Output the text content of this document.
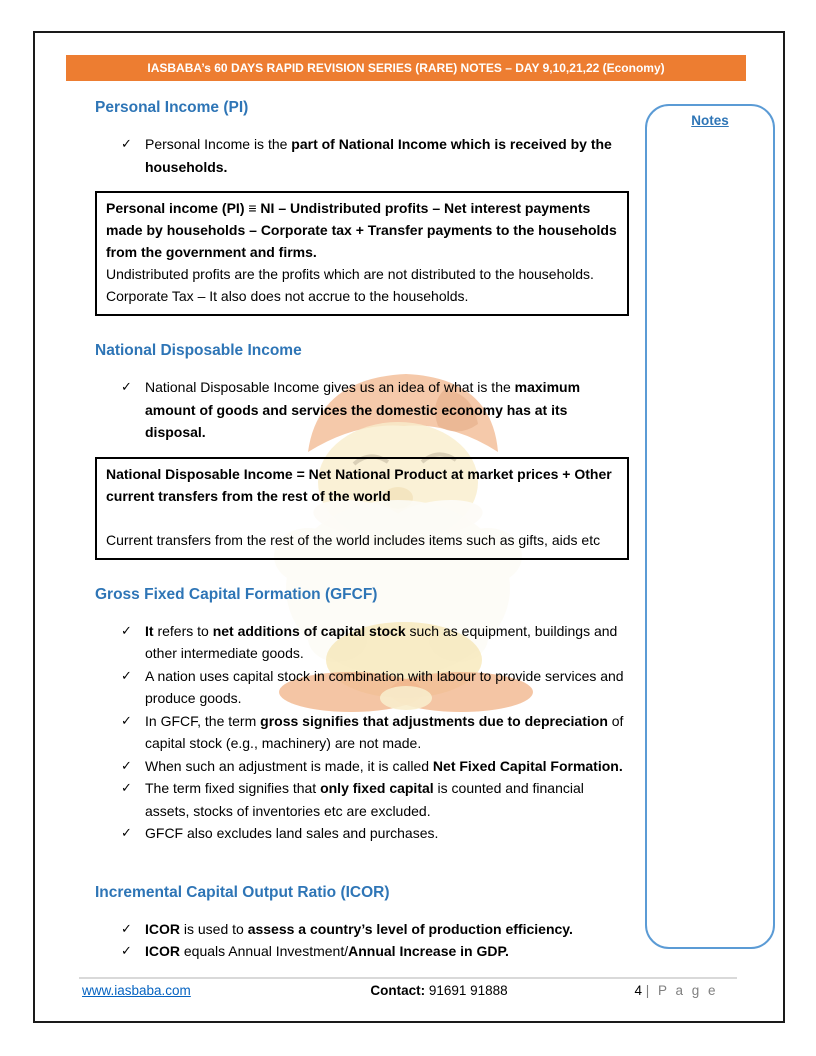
IASBABA’s 60 DAYS RAPID REVISION SERIES (RARE) NOTES – DAY 9,10,21,22 (Economy)
Personal Income (PI)
✓ Personal Income is the part of National Income which is received by the households.

Personal income (PI) ≡ NI – Undistributed profits – Net interest payments made by households – Corporate tax + Transfer payments to the households from the government and firms.

Undistributed profits are the profits which are not distributed to the households. Corporate Tax – It also does not accrue to the households.

National Disposable Income
✓ National Disposable Income gives us an idea of what is the maximum amount of goods and services the domestic economy has at its disposal.

National Disposable Income = Net National Product at market prices + Other current transfers from the rest of the world

Current transfers from the rest of the world includes items such as gifts, aids etc

Gross Fixed Capital Formation (GFCF)
✓ It refers to net additions of capital stock such as equipment, buildings and other intermediate goods.
✓ A nation uses capital stock in combination with labour to provide services and produce goods.
✓ In GFCF, the term gross signifies that adjustments due to depreciation of capital stock (e.g., machinery) are not made.
✓ When such an adjustment is made, it is called Net Fixed Capital Formation.
✓ The term fixed signifies that only fixed capital is counted and financial assets, stocks of inventories etc are excluded.
✓ GFCF also excludes land sales and purchases.
Incremental Capital Output Ratio (ICOR)
✓ ICOR is used to assess a country’s level of production efficiency.
✓ ICOR equals Annual Investment/Annual Increase in GDP.
Notes
www.iasbaba.com	Contact: 91691 91888	4 | P a g e
